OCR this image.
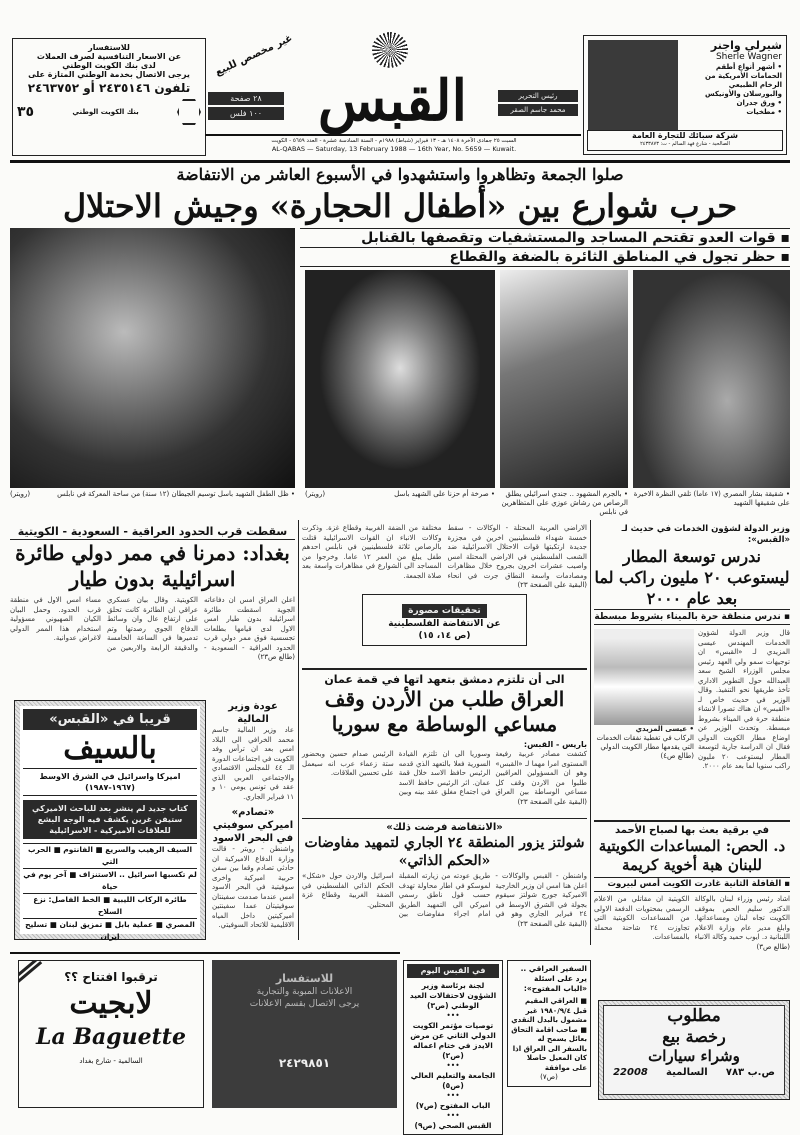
للاستفسار
عن الاسعار التنافسية لصرف العملات
لدى بنك الكويت الوطني
يرجى الاتصال بخدمة الوطني المتازة على
تلفون ٢٤٣٥١٤٦ أو ٢٤٦٣٧٥٢
بنك الكويت الوطني
٣٥
غير مخصص للبيع
٢٨ صفحة
١٠٠ فلس القبس	رئيس التحرير
محمد جاسم الصقر
شيرلي واجنر
Sherle Wagner
• أشهر أنواع أطقم
الحمامات الأمريكية من
الرخام الطبيعي
والبورسلان والأونيكس
• ورق جدران
• مطخيات
شركة سبائك للتجارة العامة
الصالحية - شارع فهد السالم - ت: ٢٤٣٣٨٧٣
السبت ٢٥ جمادى الآخرة ١٤٠٨ هـ - ١٣ فبراير (شباط) ١٩٨٨م - السنة السادسة عشرة - العدد ٥٦٥٩ - الكويت
AL-QABAS — Saturday, 13 February 1988 — 16th Year, No. 5659 — Kuwait.
صلوا الجمعة وتظاهروا واستشهدوا في الأسبوع العاشر من الانتفاضة
حرب شوارع بين «أطفال الحجارة» وجيش الاحتلال
▪ قوات العدو تقتحم المساجد والمستشفيات وتقصفها بالقنابل
▪ حظر تجول في المناطق الثائرة بالضفة والقطاع
• ظل الطفل الشهيد باسل توسيم الجيطان (١٢ سنة) من ساحة المعركة في نابلس
(رويتر)	• صرخة أم حزنا على الشهيد باسل
(رويتر)	• بالجرم المشهود .. جندي اسرائيلي يطلق الرصاص من رشاش عوزي على المتظاهرين في نابلس
• شقيقة بشار المصري (١٧ عاما) تلقي النظرة الاخيرة على شقيقها الشهيد
سقطت قرب الحدود العراقية - السعودية - الكويتية
بغداد: دمرنا في ممر دولي طائرة اسرائيلية بدون طيار
اعلن العراق امس ان دفاعاته الجوية اسقطت طائرة اسرائيلية بدون طيار امس الاول لدى قيامها بطلعات تجسسية فوق ممر دولي قرب الحدود العراقية - السعودية - الكويتية. وقال بيان عسكري عراقي ان الطائرة كانت تحلق على ارتفاع عال وان وسائط الدفاع الجوي رصدتها وتم تدميرها في الساعة الخامسة والدقيقة الرابعة والاربعين من مساء امس الاول في منطقة قرب الحدود. وحمل البيان الكيان الصهيوني مسؤولية استخدام هذا الممر الدولي لاغراض عدوانية.
(طالع ص٢٣)
قريبا في «القبس»
بالسيف
اميركا واسرائيل في الشرق الاوسط (١٩٦٧-١٩٨٧)
كتاب جديد لم ينشر بعد للباحث الاميركي ستيفن غرين يكشف فيه الوجه البشع للعلاقات الاميركية - الاسرائيلية
السيف الرهيب والسريع ■ الفانتوم ■ الحرب التي
لم تكسبها اسرائيل .. الاستنزاف ■ آخر يوم في حياة
طائرة الركاب الليبية ■ الخط الفاصل: نزع السلاح
المصري ■ عملية بابل ■ تمزيق لبنان ■ تسليح ايران
عودة وزير المالية
عاد وزير المالية جاسم محمد الخرافي الى البلاد امس بعد ان ترأس وفد الكويت في اجتماعات الدورة الـ ٤٤ للمجلس الاقتصادي والاجتماعي العربي الذي عقد في تونس يومي ١٠ و ١١ فبراير الجاري.
«تصادم» اميركي سوفيتي في البحر الاسود
واشنطن - رويتر - قالت وزارة الدفاع الاميركية ان حادثي تصادم وقعا بين سفن حربية اميركية واخرى سوفيتية في البحر الاسود امس عندما صدمت سفينتان سوفيتيتان عمدا سفينتين اميركيتين داخل المياه الاقليمية للاتحاد السوفيتي.
الاراضي العربية المحتلة - الوكالات - سقط خمسة شهداء فلسطينيين اخرين في مجزرة جديدة ارتكبتها قوات الاحتلال الاسرائيلية ضد الشعب الفلسطيني في الاراضي المحتلة امس واصيب عشرات اخرون بجروح خلال مظاهرات ومصادمات واسعة النطاق جرت في انحاء مختلفة من الضفة الغربية وقطاع غزة. وذكرت وكالات الانباء ان القوات الاسرائيلية قتلت بالرصاص ثلاثة فلسطينيين في نابلس احدهم طفل يبلغ من العمر ١٢ عاما. وخرجوا من المساجد الى الشوارع في مظاهرات واسعة بعد صلاة الجمعة.
(البقية على الصفحة ٢٣)
تحقيقات مصورة
عن الانتفاضة الفلسطينية
(ص ١٤، ١٥)
الى أن تلتزم دمشق بتعهد اتها في قمة عمان
العراق طلب من الأردن وقف مساعي الوساطة مع سوريا
باريس - القبس:
كشفت مصادر عربية رفيعة المستوى امرا مهما لـ «القبس» وهو ان المسؤولين العراقيين طلبوا من الاردن وقف كل مساعي الوساطة بين العراق وسوريا الى ان تلتزم القيادة السورية فعلا بالتعهد الذي قدمه الرئيس حافظ الاسد خلال قمة عمان. اثر الرئيس حافظ الاسد في اجتماع مغلق عقد بينه وبين الرئيس صدام حسين وبحضور ستة زعماء عرب انه سيعمل على تحسين العلاقات.
(البقية على الصفحة ٢٣)
«الانتفاضة فرضت ذلك»
شولتز يزور المنطقة ٢٤ الجاري لتمهيد مفاوضات «الحكم الذاتي»
واشنطن - القبس والوكالات - اعلن هنا امس ان وزير الخارجية الاميركية جورج شولتز سيقوم بجولة في الشرق الاوسط في ٢٤ فبراير الجاري وهو في طريق عودته من زيارته المقبلة لموسكو في اطار محاولة تهدف حسب قول ناطق رسمي اميركي الى التمهيد الطريق امام اجراء مفاوضات بين اسرائيل والاردن حول «شكل» الحكم الذاتي الفلسطيني في الضفة الغربية وقطاع غزة المحتلين.
(البقية على الصفحة ٢٣)
وزير الدولة لشؤون الخدمات في حديث لـ «القبس»:
ندرس توسعة المطار ليستوعب ٢٠ مليون راكب لما بعد عام ٢٠٠٠
▪ ندرس منطقة حرة بالميناء بشروط مبسطة
• عيسى المزيدي
الركاب في تغطية نفقات الخدمات التي يقدمها مطار الكويت الدولي
(طالع ص٤)
قال وزير الدولة لشؤون الخدمات المهندس عيسى المزيدي لـ «القبس» ان توجيهات سمو ولي العهد رئيس مجلس الوزراء الشيخ سعد العبدالله حول التطوير الاداري تأخذ طريقها نحو التنفيذ. وقال الوزير في حديث خاص لـ «القبس» ان هناك تصورا لانشاء منطقة حرة في الميناء بشروط مبسطة. وتحدث الوزير عن اوضاع مطار الكويت الدولي فقال ان الدراسة جارية لتوسعة المطار ليستوعب ٢٠ مليون راكب سنويا لما بعد عام ٢٠٠٠.
في برقية بعث بها لصباح الأحمد
د. الحص: المساعدات الكويتية للبنان هبة أخوية كريمة
▪ القافلة الثانية غادرت الكويت أمس لبيروت
اشاد رئيس وزراء لبنان بالوكالة الدكتور سليم الحص بموقف الكويت تجاه لبنان ومساعداتها. وابلغ مدير عام وزارة الاعلام اللبنانية د. ايوب حميد وكالة الانباء الكويتية ان مقاتلي من الاعلام الرسمي بمحتويات الدفعة الاولى من المساعدات الكويتية التي تجاوزت ٢٤ شاحنة محملة بالمساعدات.
(طالع ص٣)
ترقبوا افتتاح ؟؟
لابجيت
La Baguette
السالمية - شارع بغداد
للاستفسار
الاعلانات المبوبة والتجارية
يرجى الاتصال بقسم الاعلانات
٢٤٢٩٨٥١
في القبس اليوم
لجنة برئاسة وزير الشؤون لاحتفالات العيد الوطني (ص٣)
•••
توصيات مؤتمر الكويت الدولي الثاني عن مرض الايدز في ختام اعماله (ص٢)
•••
الجامعة والتعليم العالي (ص٥)
•••
الباب المفتوح (ص٧)
•••
القبس الصحي (ص٩)
السفير العراقي .. يرد على اسئلة «الباب المفتوح»:
■ العراقي المقيم قبل ١٩٨٠/٩/٤ غير مشمول بالبدل النقدي
■ صاحب اقامة التحاق بعائل يسمح له بالسفر الى العراق اذا كان المعيل حاصلا على موافقة
(ص٧)
مطلوب
رخصة بيع
وشراء سيارات
ص.ب ٧٨٣
السالمية
22008
